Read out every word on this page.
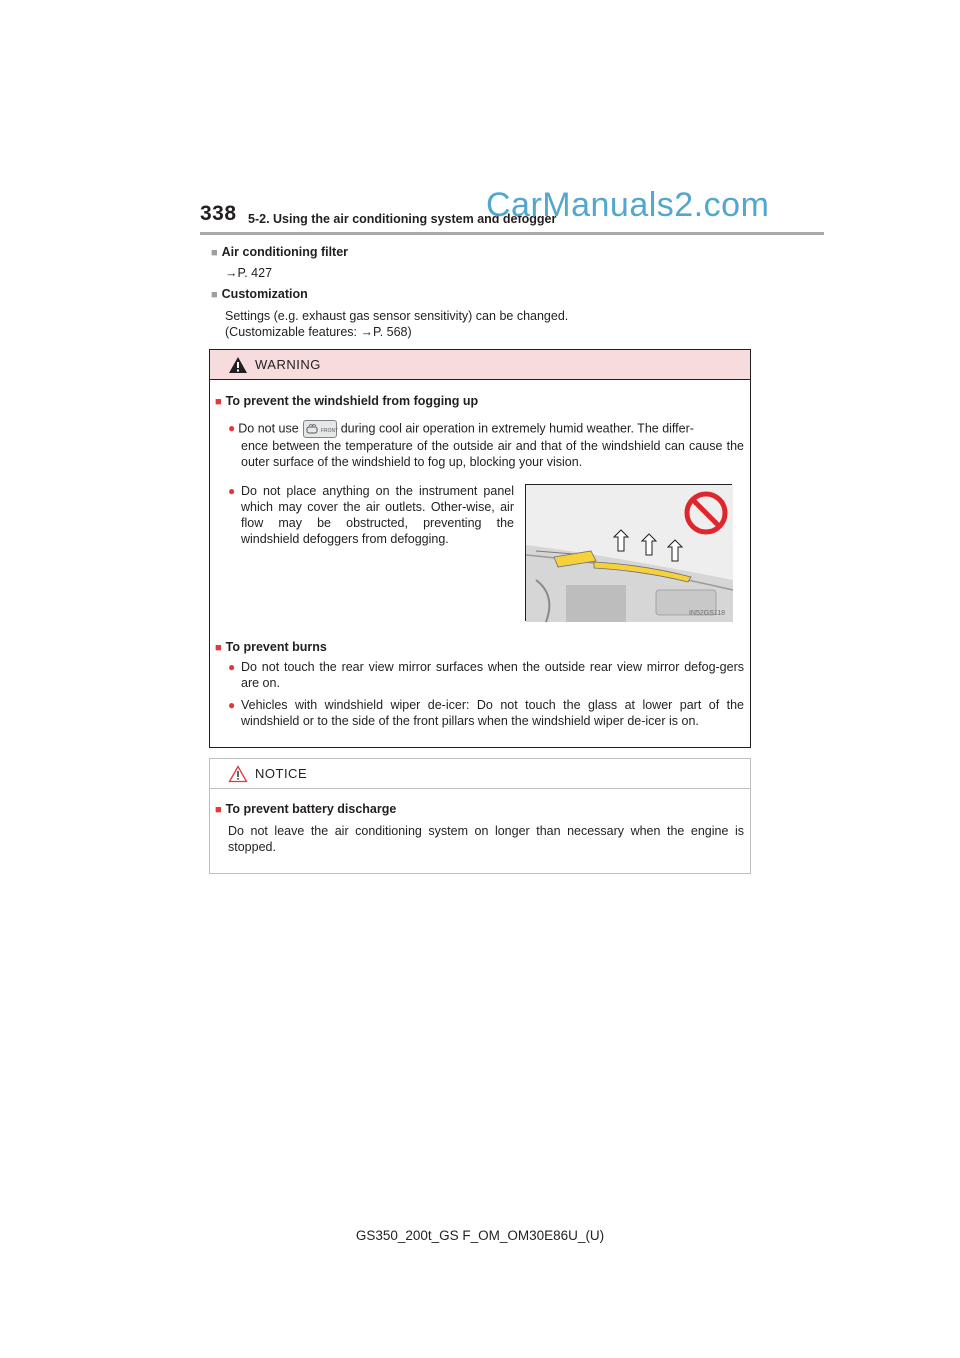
338 5-2. Using the air conditioning system and defogger
CarManuals2.com
■ Air conditioning filter
→P. 427
■ Customization
Settings (e.g. exhaust gas sensor sensitivity) can be changed.
(Customizable features: →P. 568)
WARNING
■ To prevent the windshield from fogging up
● Do not use	FRONT during cool air operation in extremely humid weather. The differ-
ence between the temperature of the outside air and that of the windshield can cause the outer surface of the windshield to fog up, blocking your vision.
● Do not place anything on the instrument panel which may cover the air outlets. Other-wise, air flow may be obstructed, preventing the windshield defoggers from defogging.
■ To prevent burns
● Do not touch the rear view mirror surfaces when the outside rear view mirror defog-gers are on.
● Vehicles with windshield wiper de-icer: Do not touch the glass at lower part of the windshield or to the side of the front pillars when the windshield wiper de-icer is on.
IN52GS118
NOTICE
■ To prevent battery discharge
Do not leave the air conditioning system on longer than necessary when the engine is stopped.
GS350_200t_GS F_OM_OM30E86U_(U)
